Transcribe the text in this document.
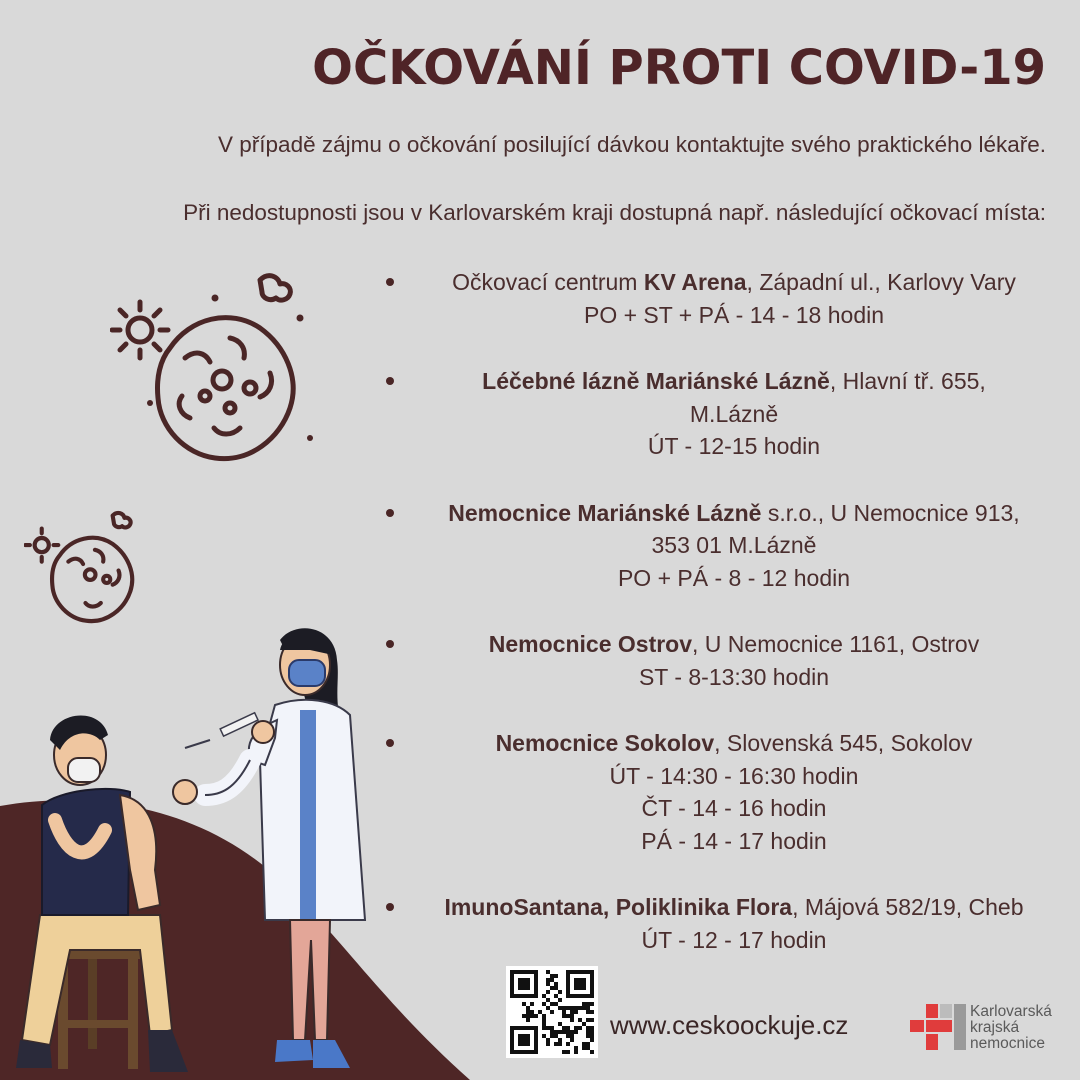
OČKOVÁNÍ PROTI COVID-19

V případě zájmu o očkování posilující dávkou kontaktujte svého praktického lékaře.

Při nedostupnosti jsou v Karlovarském kraji dostupná např. následující očkovací místa:

Očkovací centrum KV Arena, Západní ul., Karlovy Vary
PO + ST + PÁ - 14 - 18 hodin
Léčebné lázně Mariánské Lázně, Hlavní tř. 655,
M.Lázně
ÚT - 12-15 hodin
Nemocnice Mariánské Lázně s.r.o., U Nemocnice 913,
353 01 M.Lázně
PO + PÁ - 8 - 12 hodin
Nemocnice Ostrov, U Nemocnice 1161, Ostrov
ST - 8-13:30 hodin
Nemocnice Sokolov, Slovenská 545, Sokolov
ÚT - 14:30 - 16:30 hodin
ČT - 14 - 16 hodin
PÁ - 14 - 17 hodin
ImunoSantana, Poliklinika Flora, Májová 582/19, Cheb
ÚT - 12 - 17 hodin

www.ceskoockuje.cz	Karlovarská
krajská
nemocnice
